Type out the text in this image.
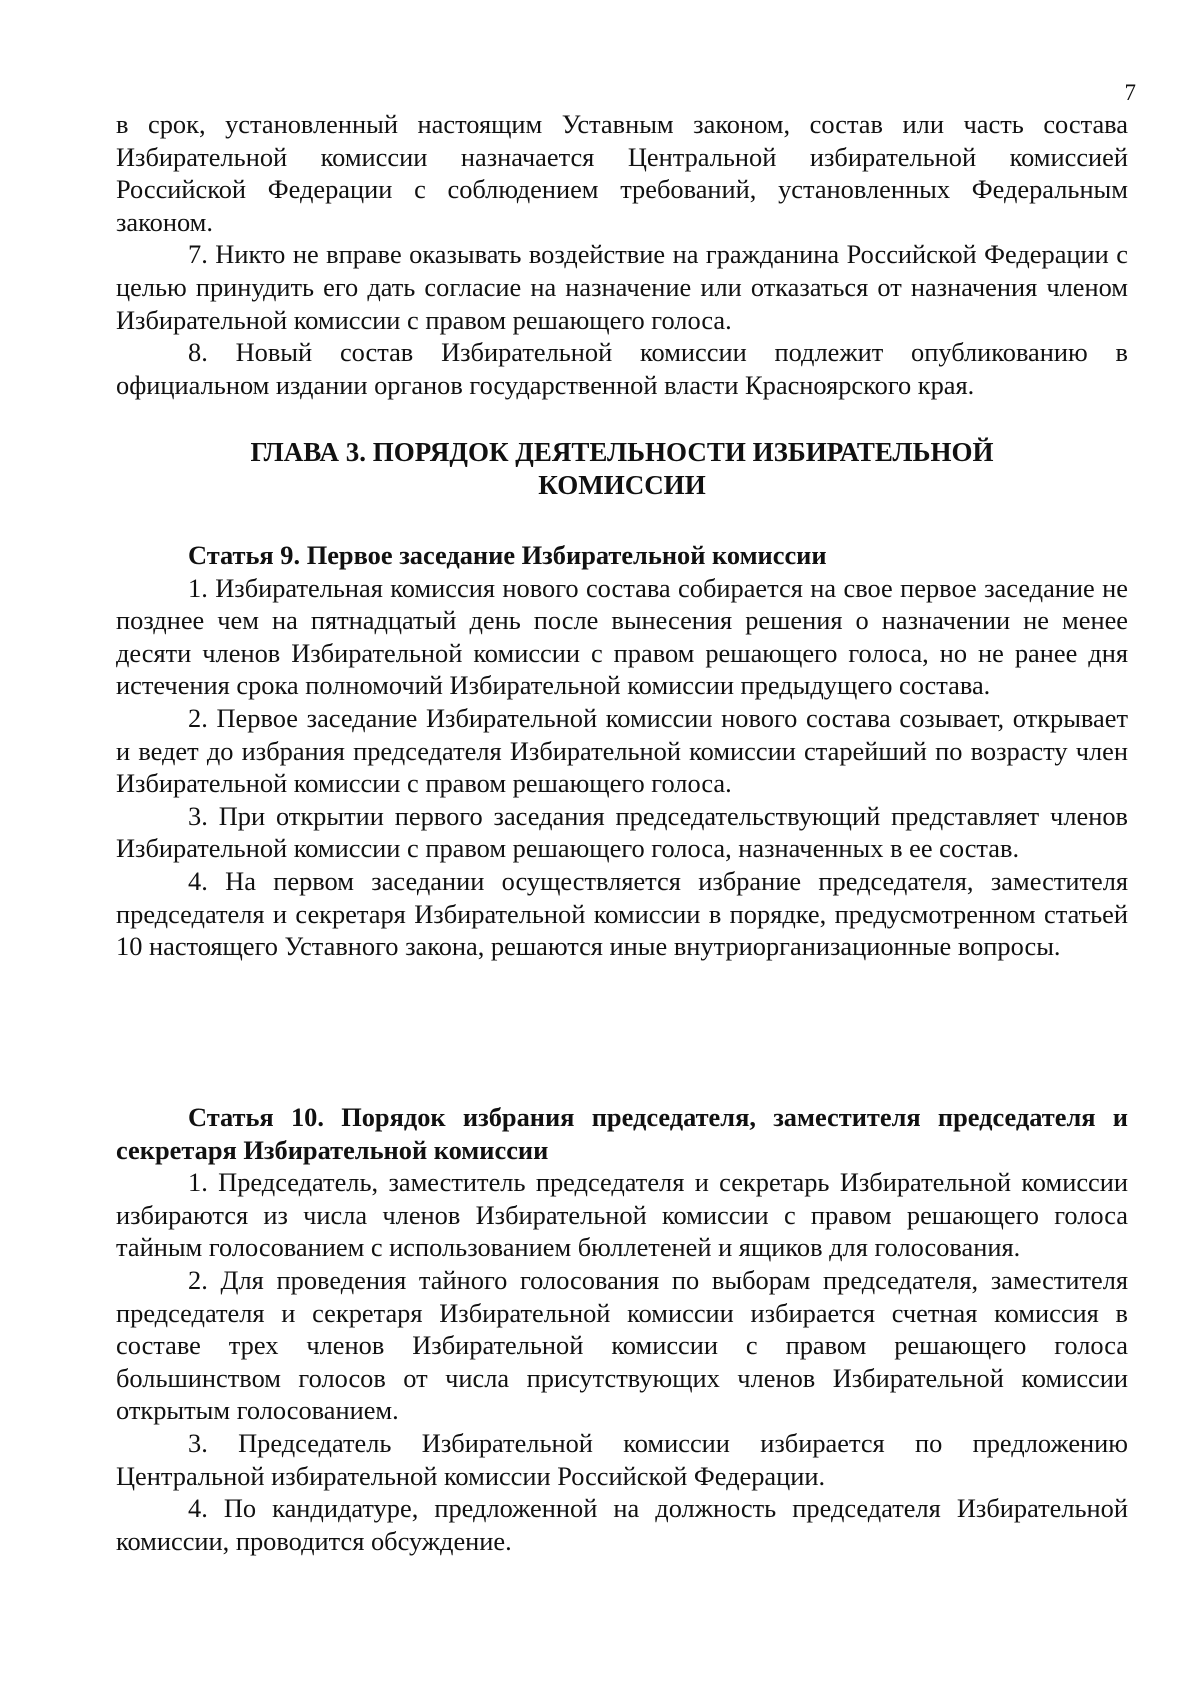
7

в срок, установленный настоящим Уставным законом, состав или часть состава Избирательной комиссии назначается Центральной избирательной комиссией Российской Федерации с соблюдением требований, установленных Федеральным законом.

7. Никто не вправе оказывать воздействие на гражданина Российской Федерации с целью принудить его дать согласие на назначение или отказаться от назначения членом Избирательной комиссии с правом решающего голоса.

8. Новый состав Избирательной комиссии подлежит опубликованию в официальном издании органов государственной власти Красноярского края.

ГЛАВА 3. ПОРЯДОК ДЕЯТЕЛЬНОСТИ ИЗБИРАТЕЛЬНОЙ
КОМИССИИ

Статья 9. Первое заседание Избирательной комиссии

1. Избирательная комиссия нового состава собирается на свое первое заседание не позднее чем на пятнадцатый день после вынесения решения о назначении не менее десяти членов Избирательной комиссии с правом решающего голоса, но не ранее дня истечения срока полномочий Избирательной комиссии предыдущего состава.

2. Первое заседание Избирательной комиссии нового состава созывает, открывает и ведет до избрания председателя Избирательной комиссии старейший по возрасту член Избирательной комиссии с правом решающего голоса.

3. При открытии первого заседания председательствующий представляет членов Избирательной комиссии с правом решающего голоса, назначенных в ее состав.

4. На первом заседании осуществляется избрание председателя, заместителя председателя и секретаря Избирательной комиссии в порядке, предусмотренном статьей 10 настоящего Уставного закона, решаются иные внутриорганизационные вопросы.

Статья 10. Порядок избрания председателя, заместителя председателя и секретаря Избирательной комиссии

1. Председатель, заместитель председателя и секретарь Избирательной комиссии избираются из числа членов Избирательной комиссии с правом решающего голоса тайным голосованием с использованием бюллетеней и ящиков для голосования.

2. Для проведения тайного голосования по выборам председателя, заместителя председателя и секретаря Избирательной комиссии избирается счетная комиссия в составе трех членов Избирательной комиссии с правом решающего голоса большинством голосов от числа присутствующих членов Избирательной комиссии открытым голосованием.

3. Председатель Избирательной комиссии избирается по предложению Центральной избирательной комиссии Российской Федерации.

4. По кандидатуре, предложенной на должность председателя Избирательной комиссии, проводится обсуждение.
